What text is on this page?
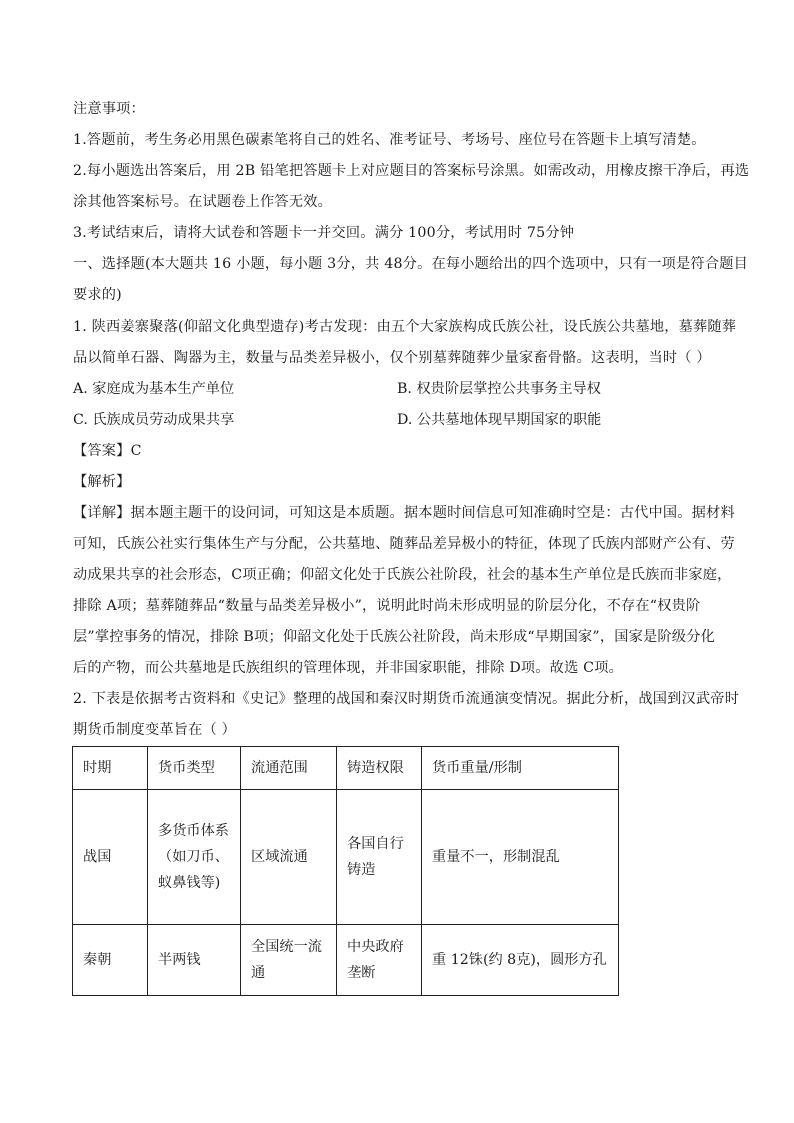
注意事项：
1.答题前，考生务必用黑色碳素笔将自己的姓名、准考证号、考场号、座位号在答题卡上填写清楚。
2.每小题选出答案后，用 2B 铅笔把答题卡上对应题目的答案标号涂黑。如需改动，用橡皮擦干净后，再选
涂其他答案标号。在试题卷上作答无效。
3.考试结束后，请将大试卷和答题卡一并交回。满分 100分，考试用时 75分钟
一、选择题(本大题共 16 小题，每小题 3分，共 48分。在每小题给出的四个选项中，只有一项是符合题目
要求的)
1. 陕西姜寨聚落(仰韶文化典型遗存)考古发现：由五个大家族构成氏族公社，设氏族公共墓地，墓葬随葬
品以简单石器、陶器为主，数量与品类差异极小，仅个别墓葬随葬少量家畜骨骼。这表明，当时（ ）
A. 家庭成为基本生产单位	B. 权贵阶层掌控公共事务主导权
C. 氏族成员劳动成果共享	D. 公共墓地体现早期国家的职能
【答案】C
【解析】
【详解】据本题主题干的设问词，可知这是本质题。据本题时间信息可知准确时空是：古代中国。据材料
可知，氏族公社实行集体生产与分配，公共墓地、随葬品差异极小的特征，体现了氏族内部财产公有、劳
动成果共享的社会形态，C项正确；仰韶文化处于氏族公社阶段，社会的基本生产单位是氏族而非家庭，
排除 A项；墓葬随葬品“数量与品类差异极小”，说明此时尚未形成明显的阶层分化，不存在“权贵阶
层”掌控事务的情况，排除 B项；仰韶文化处于氏族公社阶段，尚未形成“早期国家”，国家是阶级分化
后的产物，而公共墓地是氏族组织的管理体现，并非国家职能，排除 D项。故选 C项。
2. 下表是依据考古资料和《史记》整理的战国和秦汉时期货币流通演变情况。据此分析，战国到汉武帝时
期货币制度变革旨在（ ）
时期	货币类型	流通范围	铸造权限	货币重量/形制
战国	多货币体系（如刀币、蚁鼻钱等)	区域流通	各国自行铸造	重量不一，形制混乱
秦朝	半两钱	全国统一流通	中央政府垄断	重 12铢(约 8克)，圆形方孔
